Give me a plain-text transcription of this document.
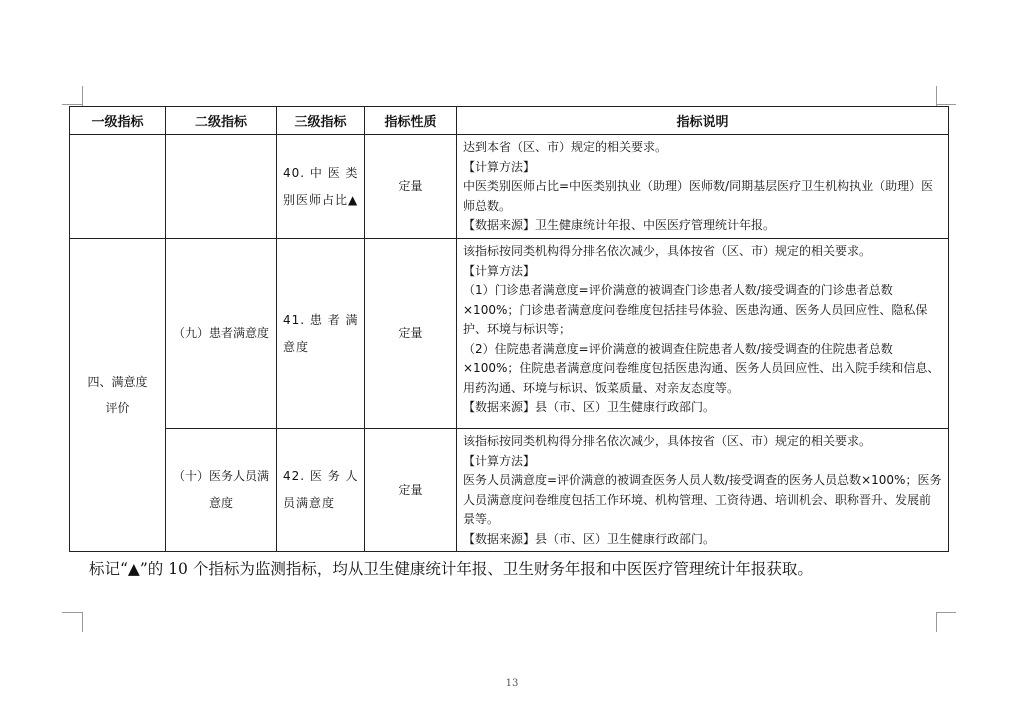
一级指标	二级指标	三级指标	指标性质	指标说明
		40. 中 医 类别医师占比▲	定量	达到本省（区、市）规定的相关要求。
【计算方法】
中医类别医师占比=中医类别执业（助理）医师数/同期基层医疗卫生机构执业（助理）医师总数。
【数据来源】卫生健康统计年报、中医医疗管理统计年报。

四、满意度评价	（九）患者满意度	41. 患 者 满意度	定量	该指标按同类机构得分排名依次减少，具体按省（区、市）规定的相关要求。
【计算方法】
（1）门诊患者满意度=评价满意的被调查门诊患者人数/接受调查的门诊患者总数×100%；门诊患者满意度问卷维度包括挂号体验、医患沟通、医务人员回应性、隐私保护、环境与标识等；
（2）住院患者满意度=评价满意的被调查住院患者人数/接受调查的住院患者总数×100%；住院患者满意度问卷维度包括医患沟通、医务人员回应性、出入院手续和信息、用药沟通、环境与标识、饭菜质量、对亲友态度等。
【数据来源】县（市、区）卫生健康行政部门。

	（十）医务人员满意度	42. 医 务 人员满意度	定量	该指标按同类机构得分排名依次减少，具体按省（区、市）规定的相关要求。
【计算方法】
医务人员满意度=评价满意的被调查医务人员人数/接受调查的医务人员总数×100%；医务人员满意度问卷维度包括工作环境、机构管理、工资待遇、培训机会、职称晋升、发展前景等。
【数据来源】县（市、区）卫生健康行政部门。
标记“▲”的 10 个指标为监测指标，均从卫生健康统计年报、卫生财务年报和中医医疗管理统计年报获取。
13
